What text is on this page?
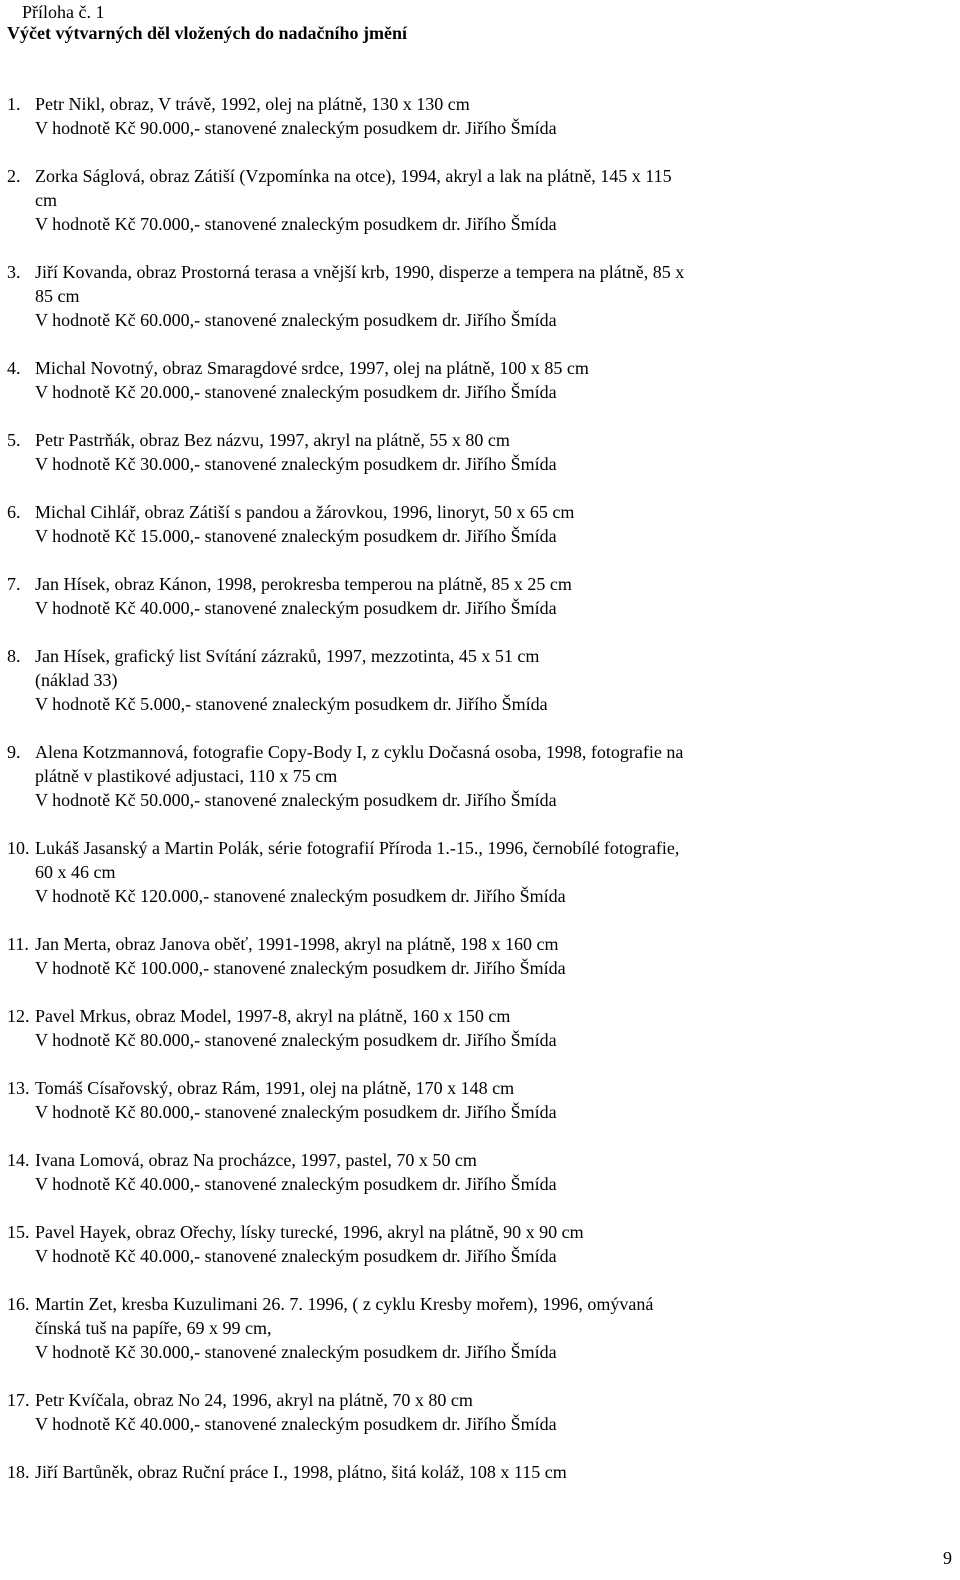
Příloha č. 1
Výčet výtvarných děl vložených do nadačního jmění
1. Petr Nikl, obraz, V trávě, 1992, olej na plátně, 130 x 130 cm
V hodnotě Kč 90.000,- stanovené znaleckým posudkem dr. Jiřího Šmída
2. Zorka Ságlová, obraz Zátiší (Vzpomínka na otce), 1994, akryl a lak na plátně, 145 x 115
cm
V hodnotě Kč 70.000,- stanovené znaleckým posudkem dr. Jiřího Šmída
3. Jiří Kovanda, obraz Prostorná terasa a vnější krb, 1990, disperze a tempera na plátně, 85 x
85 cm
V hodnotě Kč 60.000,- stanovené znaleckým posudkem dr. Jiřího Šmída
4. Michal Novotný, obraz Smaragdové srdce, 1997, olej na plátně, 100 x 85 cm
V hodnotě Kč 20.000,- stanovené znaleckým posudkem dr. Jiřího Šmída
5. Petr Pastrňák, obraz Bez názvu, 1997, akryl na plátně, 55 x 80 cm
V hodnotě Kč 30.000,- stanovené znaleckým posudkem dr. Jiřího Šmída
6. Michal Cihlář, obraz Zátiší s pandou a žárovkou, 1996, linoryt, 50 x 65 cm
V hodnotě Kč 15.000,- stanovené znaleckým posudkem dr. Jiřího Šmída
7. Jan Hísek, obraz Kánon, 1998, perokresba temperou na plátně, 85 x 25 cm
V hodnotě Kč 40.000,- stanovené znaleckým posudkem dr. Jiřího Šmída
8. Jan Hísek, grafický list Svítání zázraků, 1997, mezzotinta, 45 x 51 cm
(náklad 33)
V hodnotě Kč 5.000,- stanovené znaleckým posudkem dr. Jiřího Šmída
9. Alena Kotzmannová, fotografie Copy-Body I, z cyklu Dočasná osoba, 1998, fotografie na
plátně v plastikové adjustaci, 110 x 75 cm
V hodnotě Kč 50.000,- stanovené znaleckým posudkem dr. Jiřího Šmída
10. Lukáš Jasanský a Martin Polák, série fotografií Příroda 1.-15., 1996, černobílé fotografie,
60 x 46 cm
V hodnotě Kč 120.000,- stanovené znaleckým posudkem dr. Jiřího Šmída
11. Jan Merta, obraz Janova oběť, 1991-1998, akryl na plátně, 198 x 160 cm
V hodnotě Kč 100.000,- stanovené znaleckým posudkem dr. Jiřího Šmída
12. Pavel Mrkus, obraz Model, 1997-8, akryl na plátně, 160 x 150 cm
V hodnotě Kč 80.000,- stanovené znaleckým posudkem dr. Jiřího Šmída
13. Tomáš Císařovský, obraz Rám, 1991, olej na plátně, 170 x 148 cm
V hodnotě Kč 80.000,- stanovené znaleckým posudkem dr. Jiřího Šmída
14. Ivana Lomová, obraz Na procházce, 1997, pastel, 70 x 50 cm
V hodnotě Kč 40.000,- stanovené znaleckým posudkem dr. Jiřího Šmída
15. Pavel Hayek, obraz Ořechy, lísky turecké, 1996, akryl na plátně, 90 x 90 cm
V hodnotě Kč 40.000,- stanovené znaleckým posudkem dr. Jiřího Šmída
16. Martin Zet, kresba Kuzulimani 26. 7. 1996, ( z cyklu Kresby mořem), 1996, omývaná
čínská tuš na papíře, 69 x 99 cm,
V hodnotě Kč 30.000,- stanovené znaleckým posudkem dr. Jiřího Šmída
17. Petr Kvíčala, obraz No 24, 1996, akryl na plátně, 70 x 80 cm
V hodnotě Kč 40.000,- stanovené znaleckým posudkem dr. Jiřího Šmída
18. Jiří Bartůněk, obraz Ruční práce I., 1998, plátno, šitá koláž, 108 x 115 cm
9
